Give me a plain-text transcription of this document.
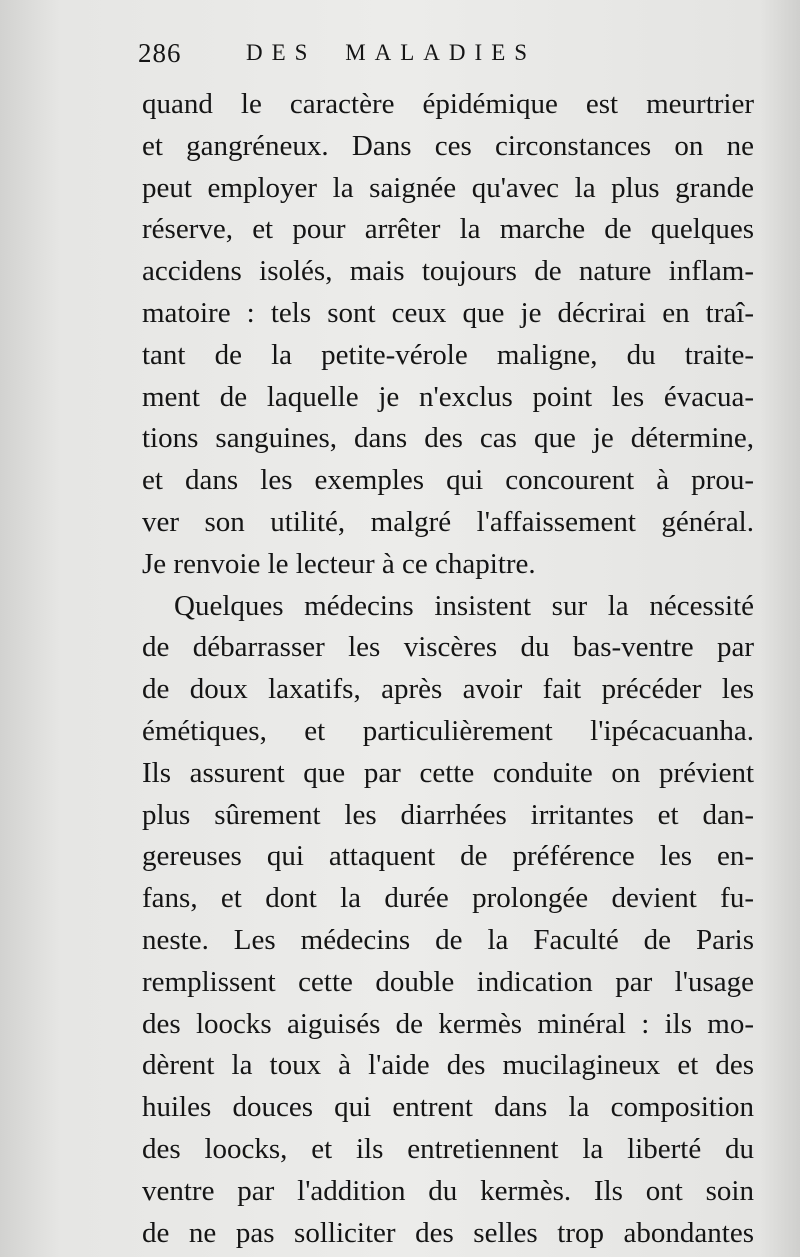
286	DES MALADIES
quand le caractère épidémique est meurtrier
et gangréneux. Dans ces circonstances on ne
peut employer la saignée qu'avec la plus grande
réserve, et pour arrêter la marche de quelques
accidens isolés, mais toujours de nature inflam-
matoire : tels sont ceux que je décrirai en traî-
tant de la petite-vérole maligne, du traite-
ment de laquelle je n'exclus point les évacua-
tions sanguines, dans des cas que je détermine,
et dans les exemples qui concourent à prou-
ver son utilité, malgré l'affaissement général.
Je renvoie le lecteur à ce chapitre.
Quelques médecins insistent sur la nécessité
de débarrasser les viscères du bas-ventre par
de doux laxatifs, après avoir fait précéder les
émétiques, et particulièrement l'ipécacuanha.
Ils assurent que par cette conduite on prévient
plus sûrement les diarrhées irritantes et dan-
gereuses qui attaquent de préférence les en-
fans, et dont la durée prolongée devient fu-
neste. Les médecins de la Faculté de Paris
remplissent cette double indication par l'usage
des loocks aiguisés de kermès minéral : ils mo-
dèrent la toux à l'aide des mucilagineux et des
huiles douces qui entrent dans la composition
des loocks, et ils entretiennent la liberté du
ventre par l'addition du kermès. Ils ont soin
de ne pas solliciter des selles trop abondantes
